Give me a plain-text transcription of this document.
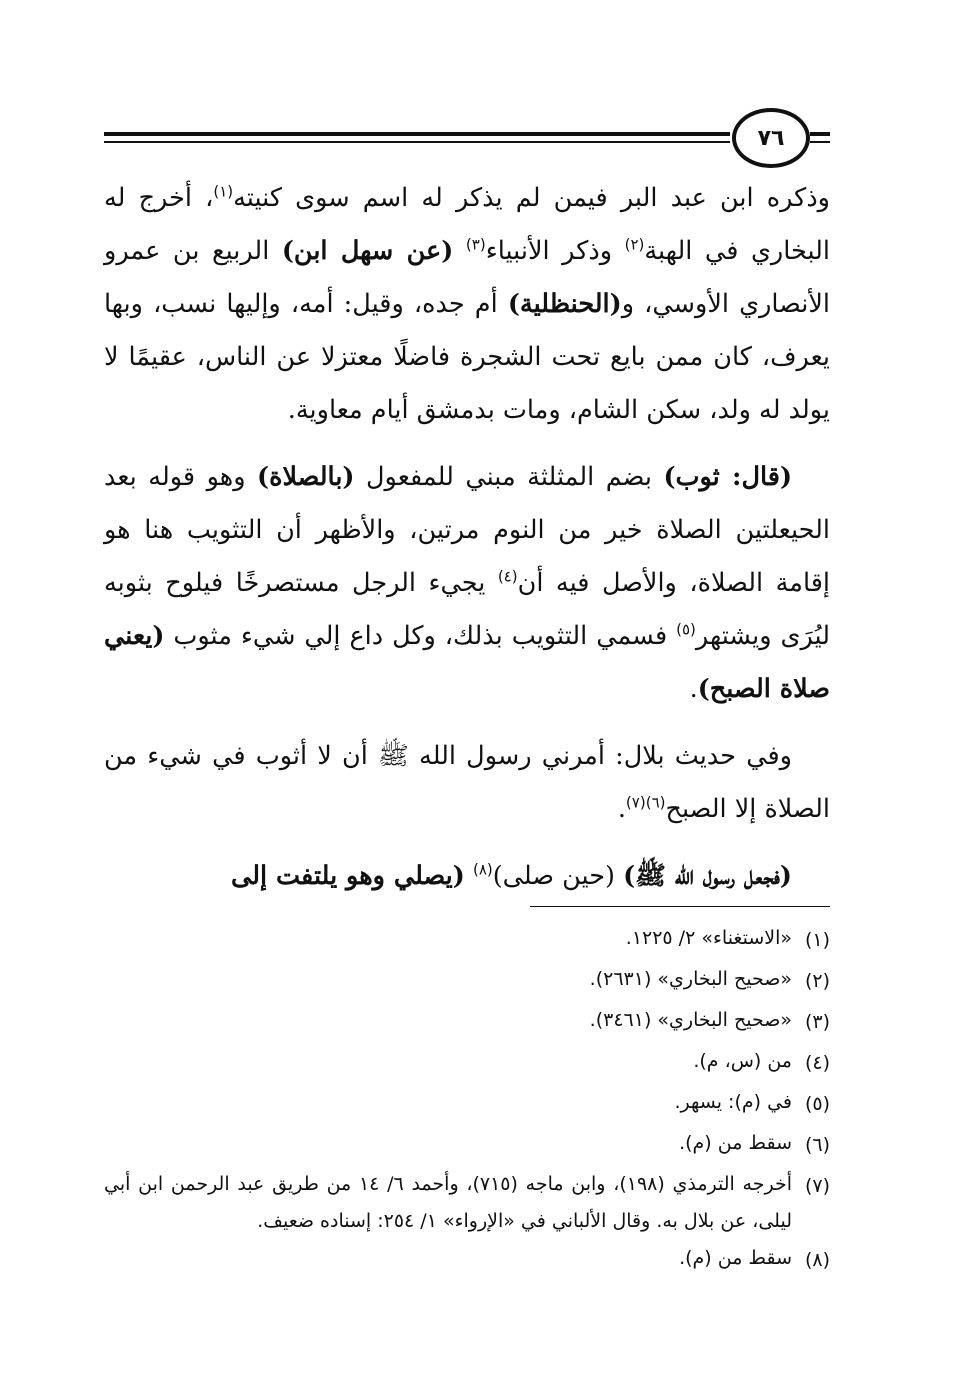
٧٦

وذكره ابن عبد البر فيمن لم يذكر له اسم سوى كنيته$^{(١)}$، أخرج له البخاري في الهبة$^{(٢)}$ وذكر الأنبياء$^{(٣)}$ (عن سهل ابن) الربيع بن عمرو الأنصاري الأوسي، و(الحنظلية) أم جده، وقيل: أمه، وإليها نسب، وبها يعرف، كان ممن بايع تحت الشجرة فاضلًا معتزلا عن الناس، عقيمًا لا يولد له ولد، سكن الشام، ومات بدمشق أيام معاوية.

(قال: ثوب) بضم المثلثة مبني للمفعول (بالصلاة) وهو قوله بعد الحيعلتين الصلاة خير من النوم مرتين، والأظهر أن التثويب هنا هو إقامة الصلاة، والأصل فيه أن$^{(٤)}$ يجيء الرجل مستصرخًا فيلوح بثوبه ليُرَى ويشتهر$^{(٥)}$ فسمي التثويب بذلك، وكل داع إلي شيء مثوب (يعني صلاة الصبح).

وفي حديث بلال: أمرني رسول الله ﷺ أن لا أثوب في شيء من الصلاة إلا الصبح$^{(٦)(٧)}$.

(فجعل رسول الله ﷺ) (حين صلى)$^{(٨)}$ (يصلي وهو يلتفت إلى

(١)
«الاستغناء» ٢/ ١٢٢٥.
(٢)
«صحيح البخاري» (٢٦٣١).
(٣)
«صحيح البخاري» (٣٤٦١).
(٤)
من (س، م).
(٥)
في (م): يسهر.
(٦)
سقط من (م).
(٧)
أخرجه الترمذي (١٩٨)، وابن ماجه (٧١٥)، وأحمد ٦/ ١٤ من طريق عبد الرحمن ابن أبي ليلى، عن بلال به. وقال الألباني في «الإرواء» ١/ ٢٥٤: إسناده ضعيف.
(٨)
سقط من (م).
